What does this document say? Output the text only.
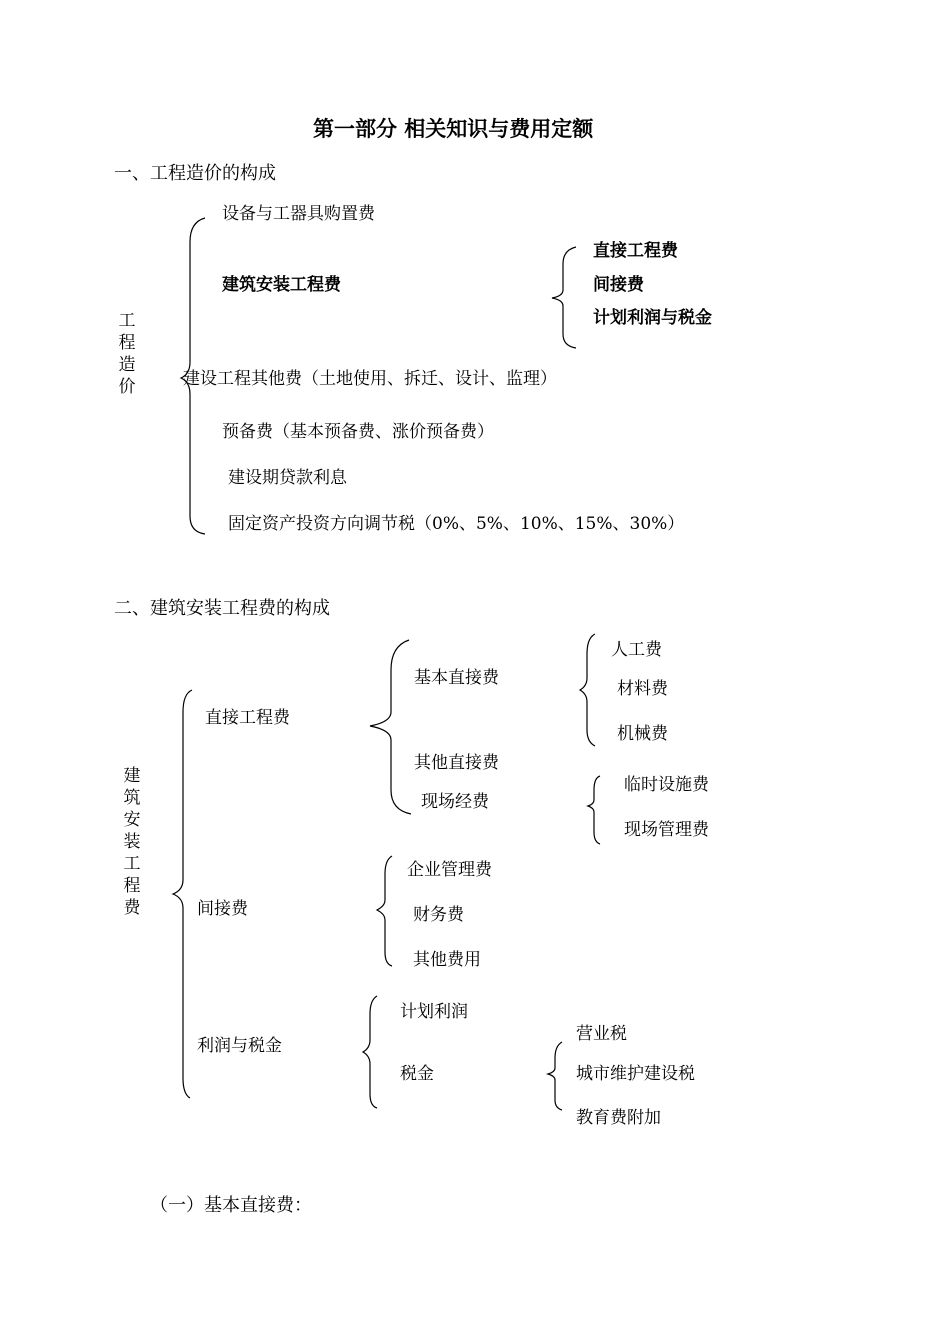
第一部分 相关知识与费用定额
一、工程造价的构成
工
程
造
价
设备与工器具购置费
建筑安装工程费
直接工程费
间接费
计划利润与税金
建设工程其他费（土地使用、拆迁、设计、监理）
预备费（基本预备费、涨价预备费）
建设期贷款利息
固定资产投资方向调节税（0%、5%、10%、15%、30%）
二、建筑安装工程费的构成
建
筑
安
装
工
程
费
直接工程费
基本直接费
人工费
材料费
机械费
其他直接费
现场经费
临时设施费
现场管理费
间接费
企业管理费
财务费
其他费用
利润与税金
计划利润
税金
营业税
城市维护建设税
教育费附加
（一）基本直接费：
